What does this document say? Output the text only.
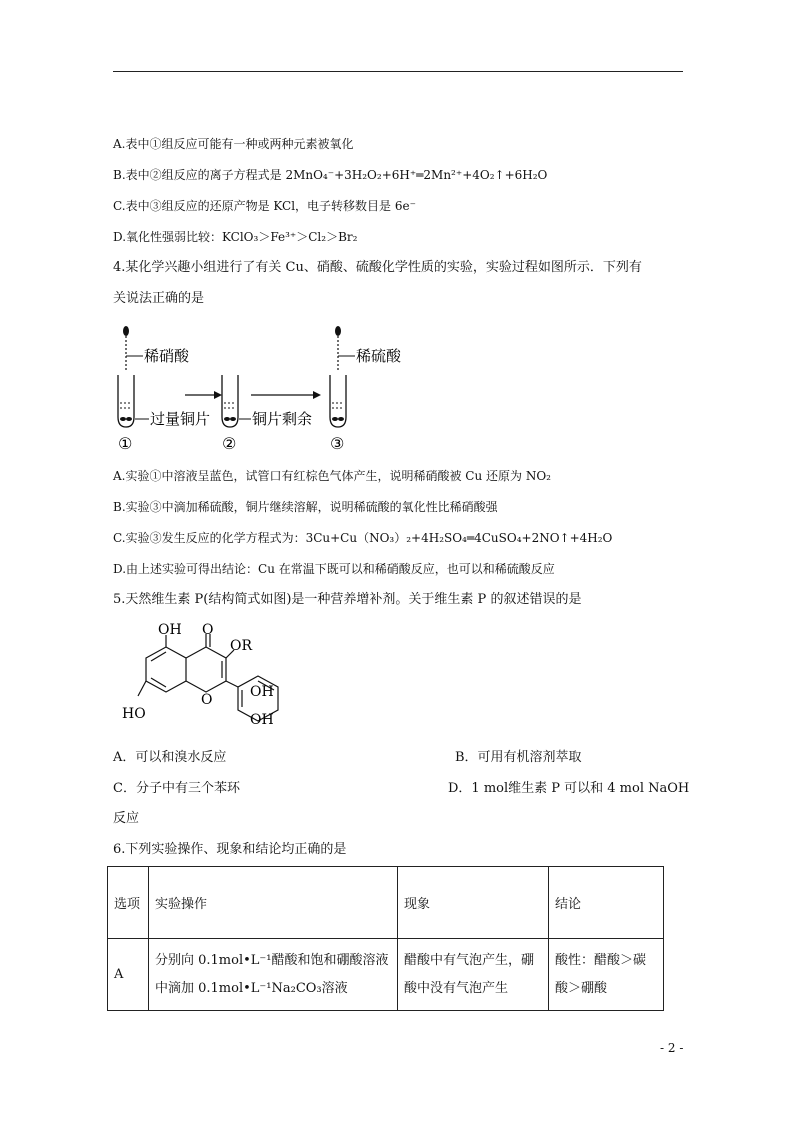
A.表中①组反应可能有一种或两种元素被氧化
B.表中②组反应的离子方程式是 2MnO₄⁻+3H₂O₂+6H⁺═2Mn²⁺+4O₂↑+6H₂O
C.表中③组反应的还原产物是 KCl，电子转移数目是 6e⁻
D.氧化性强弱比较：KClO₃＞Fe³⁺＞Cl₂＞Br₂
4.某化学兴趣小组进行了有关 Cu、硝酸、硫酸化学性质的实验，实验过程如图所示．下列有
关说法正确的是
稀硝酸
过量铜片
①
铜片剩余
②
稀硫酸
③
A.实验①中溶液呈蓝色，试管口有红棕色气体产生，说明稀硝酸被 Cu 还原为 NO₂
B.实验③中滴加稀硫酸，铜片继续溶解，说明稀硫酸的氧化性比稀硝酸强
C.实验③发生反应的化学方程式为：3Cu+Cu（NO₃）₂+4H₂SO₄═4CuSO₄+2NO↑+4H₂O
D.由上述实验可得出结论：Cu 在常温下既可以和稀硝酸反应，也可以和稀硫酸反应
5.天然维生素 P(结构简式如图)是一种营养增补剂。关于维生素 P 的叙述错误的是
OH O
OR
HO
O	OH
OH
A．可以和溴水反应	B．可用有机溶剂萃取
C．分子中有三个苯环	D．1 mol维生素 P 可以和 4 mol NaOH
反应
6.下列实验操作、现象和结论均正确的是
选项	实验操作	现象	结论
A	分别向 0.1mol•L⁻¹醋酸和饱和硼酸溶液中滴加 0.1mol•L⁻¹Na₂CO₃溶液	醋酸中有气泡产生，硼酸中没有气泡产生	酸性：醋酸＞碳酸＞硼酸
- 2 -
